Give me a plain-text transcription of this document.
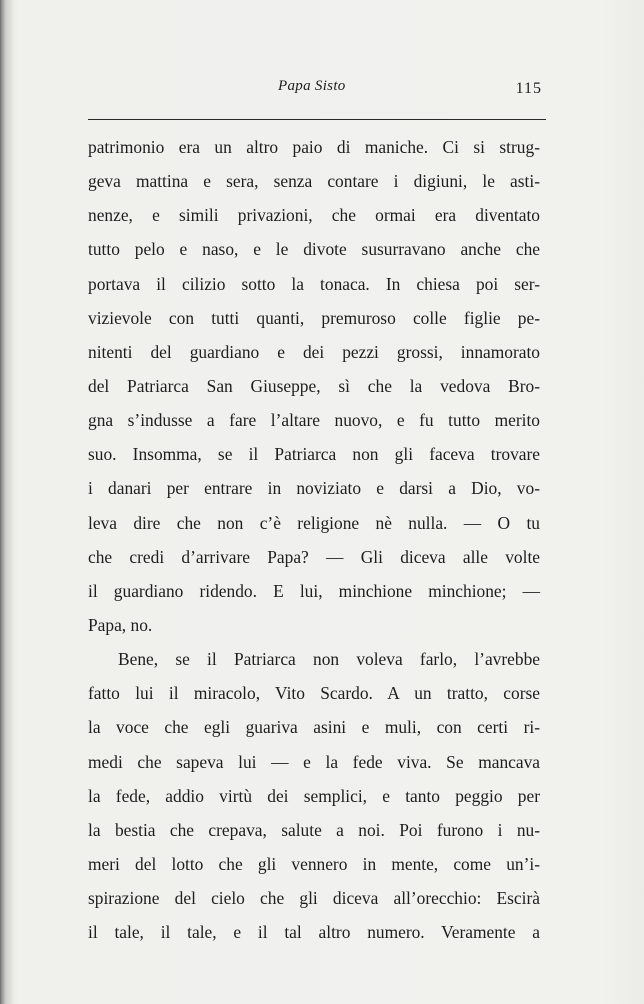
Papa Sisto	115
patrimonio era un altro paio di maniche. Ci si strug-
geva mattina e sera, senza contare i digiuni, le asti-
nenze, e simili privazioni, che ormai era diventato
tutto pelo e naso, e le divote susurravano anche che
portava il cilizio sotto la tonaca. In chiesa poi ser-
vizievole con tutti quanti, premuroso colle figlie pe-
nitenti del guardiano e dei pezzi grossi, innamorato
del Patriarca San Giuseppe, sì che la vedova Bro-
gna s’indusse a fare l’altare nuovo, e fu tutto merito
suo. Insomma, se il Patriarca non gli faceva trovare
i danari per entrare in noviziato e darsi a Dio, vo-
leva dire che non c’è religione nè nulla. — O tu
che credi d’arrivare Papa? — Gli diceva alle volte
il guardiano ridendo. E lui, minchione minchione; —
Papa, no.
Bene, se il Patriarca non voleva farlo, l’avrebbe
fatto lui il miracolo, Vito Scardo. A un tratto, corse
la voce che egli guariva asini e muli, con certi ri-
medi che sapeva lui — e la fede viva. Se mancava
la fede, addio virtù dei semplici, e tanto peggio per
la bestia che crepava, salute a noi. Poi furono i nu-
meri del lotto che gli vennero in mente, come un’i-
spirazione del cielo che gli diceva all’orecchio: Escirà
il tale, il tale, e il tal altro numero. Veramente a
